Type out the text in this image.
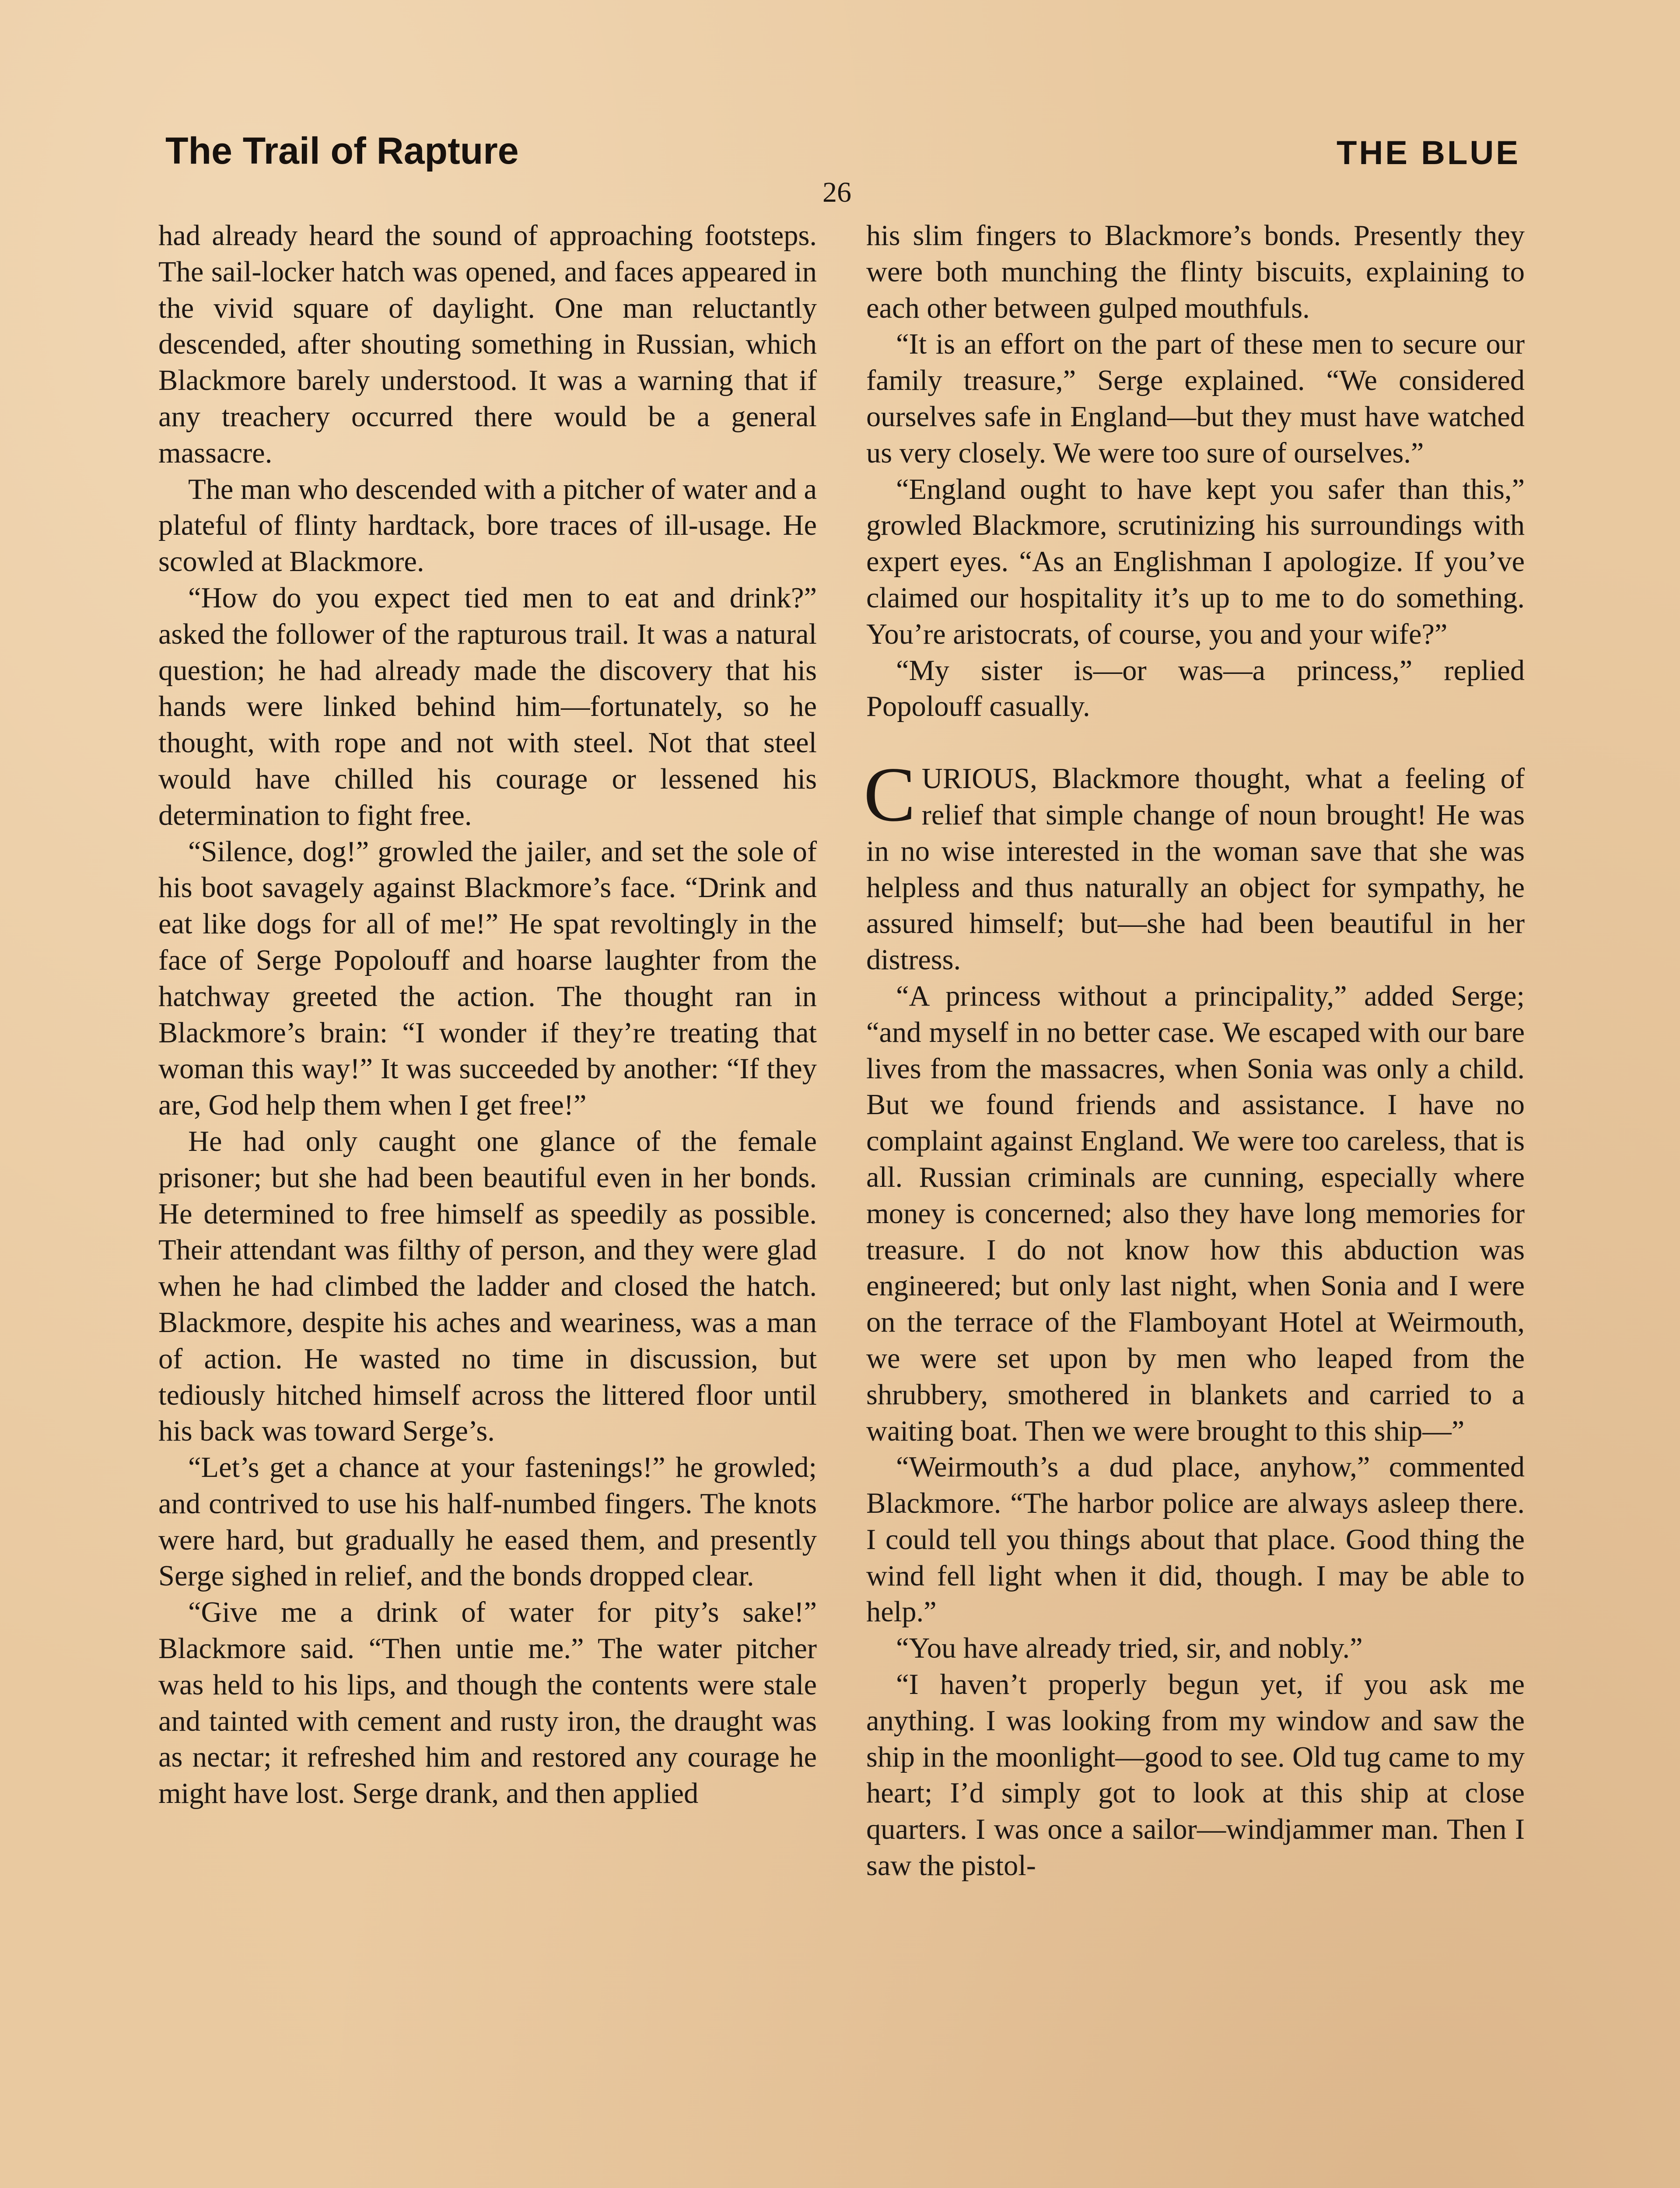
The Trail of Rapture	THE BLUE
26

had already heard the sound of approaching footsteps. The sail-locker hatch was opened, and faces appeared in the vivid square of daylight. One man reluctantly descended, after shouting something in Russian, which Blackmore barely understood. It was a warning that if any treachery occurred there would be a general massacre.

The man who descended with a pitcher of water and a plateful of flinty hardtack, bore traces of ill-usage. He scowled at Blackmore.

“How do you expect tied men to eat and drink?” asked the follower of the rapturous trail. It was a natural question; he had already made the discovery that his hands were linked behind him—fortunately, so he thought, with rope and not with steel. Not that steel would have chilled his courage or lessened his determination to fight free.

“Silence, dog!” growled the jailer, and set the sole of his boot savagely against Blackmore’s face. “Drink and eat like dogs for all of me!” He spat revoltingly in the face of Serge Popolouff and hoarse laughter from the hatchway greeted the action. The thought ran in Blackmore’s brain: “I wonder if they’re treating that woman this way!” It was succeeded by another: “If they are, God help them when I get free!”

He had only caught one glance of the female prisoner; but she had been beautiful even in her bonds. He determined to free himself as speedily as possible. Their attendant was filthy of person, and they were glad when he had climbed the ladder and closed the hatch. Blackmore, despite his aches and weariness, was a man of action. He wasted no time in discussion, but tediously hitched himself across the littered floor until his back was toward Serge’s.

“Let’s get a chance at your fastenings!” he growled; and contrived to use his half-numbed fingers. The knots were hard, but gradually he eased them, and presently Serge sighed in relief, and the bonds dropped clear.

“Give me a drink of water for pity’s sake!” Blackmore said. “Then untie me.” The water pitcher was held to his lips, and though the contents were stale and tainted with cement and rusty iron, the draught was as nectar; it refreshed him and restored any courage he might have lost. Serge drank, and then applied

his slim fingers to Blackmore’s bonds. Presently they were both munching the flinty biscuits, explaining to each other between gulped mouthfuls.

“It is an effort on the part of these men to secure our family treasure,” Serge explained. “We considered ourselves safe in England—but they must have watched us very closely. We were too sure of ourselves.”

“England ought to have kept you safer than this,” growled Blackmore, scrutinizing his surroundings with expert eyes. “As an Englishman I apologize. If you’ve claimed our hospitality it’s up to me to do something. You’re aristocrats, of course, you and your wife?”

“My sister is—or was—a princess,” replied Popolouff casually.

CURIOUS, Blackmore thought, what a feeling of relief that simple change of noun brought! He was in no wise interested in the woman save that she was helpless and thus naturally an object for sympathy, he assured himself; but—she had been beautiful in her distress.

“A princess without a principality,” added Serge; “and myself in no better case. We escaped with our bare lives from the massacres, when Sonia was only a child. But we found friends and assistance. I have no complaint against England. We were too careless, that is all. Russian criminals are cunning, especially where money is concerned; also they have long memories for treasure. I do not know how this abduction was engineered; but only last night, when Sonia and I were on the terrace of the Flamboyant Hotel at Weirmouth, we were set upon by men who leaped from the shrubbery, smothered in blankets and carried to a waiting boat. Then we were brought to this ship—”

“Weirmouth’s a dud place, anyhow,” commented Blackmore. “The harbor police are always asleep there. I could tell you things about that place. Good thing the wind fell light when it did, though. I may be able to help.”

“You have already tried, sir, and nobly.”

“I haven’t properly begun yet, if you ask me anything. I was looking from my window and saw the ship in the moonlight—good to see. Old tug came to my heart; I’d simply got to look at this ship at close quarters. I was once a sailor—windjammer man. Then I saw the pistol-
